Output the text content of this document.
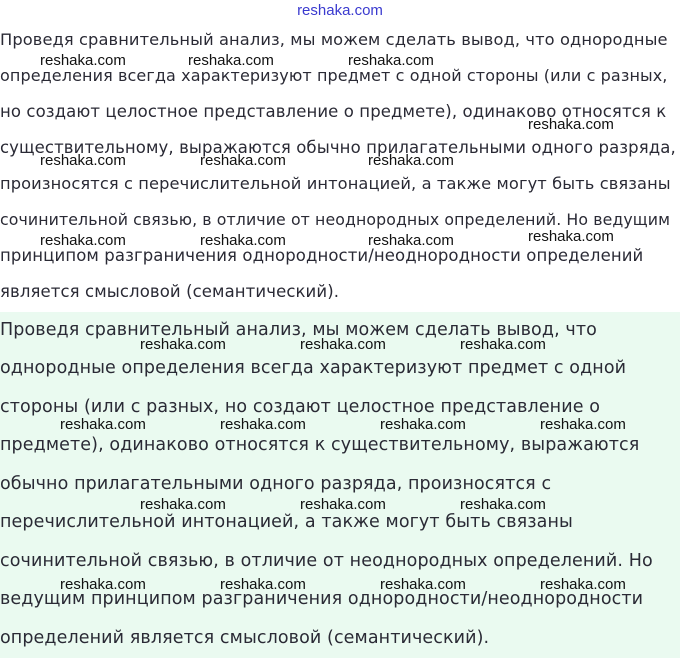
reshaka.com
Проведя сравнительный анализ, мы можем сделать вывод, что однородные
определения всегда характеризуют предмет с одной стороны (или с разных,
но создают целостное представление о предмете), одинаково относятся к
существительному, выражаются обычно прилагательными одного разряда,
произносятся с перечислительной интонацией, а также могут быть связаны
сочинительной связью, в отличие от неоднородных определений. Но ведущим
принципом разграничения однородности/неоднородности определений
является смысловой (семантический).
reshaka.com	reshaka.com	reshaka.com
reshaka.com
reshaka.com	reshaka.com	reshaka.com
reshaka.com
reshaka.com	reshaka.com	reshaka.com
Проведя сравнительный анализ, мы можем сделать вывод, что
однородные определения всегда характеризуют предмет с одной
стороны (или с разных, но создают целостное представление о
предмете), одинаково относятся к существительному, выражаются
обычно прилагательными одного разряда, произносятся с
перечислительной интонацией, а также могут быть связаны
сочинительной связью, в отличие от неоднородных определений. Но
ведущим принципом разграничения однородности/неоднородности
определений является смысловой (семантический).
reshaka.com	reshaka.com	reshaka.com
reshaka.com	reshaka.com	reshaka.com	reshaka.com
reshaka.com	reshaka.com	reshaka.com
reshaka.com	reshaka.com	reshaka.com	reshaka.com
